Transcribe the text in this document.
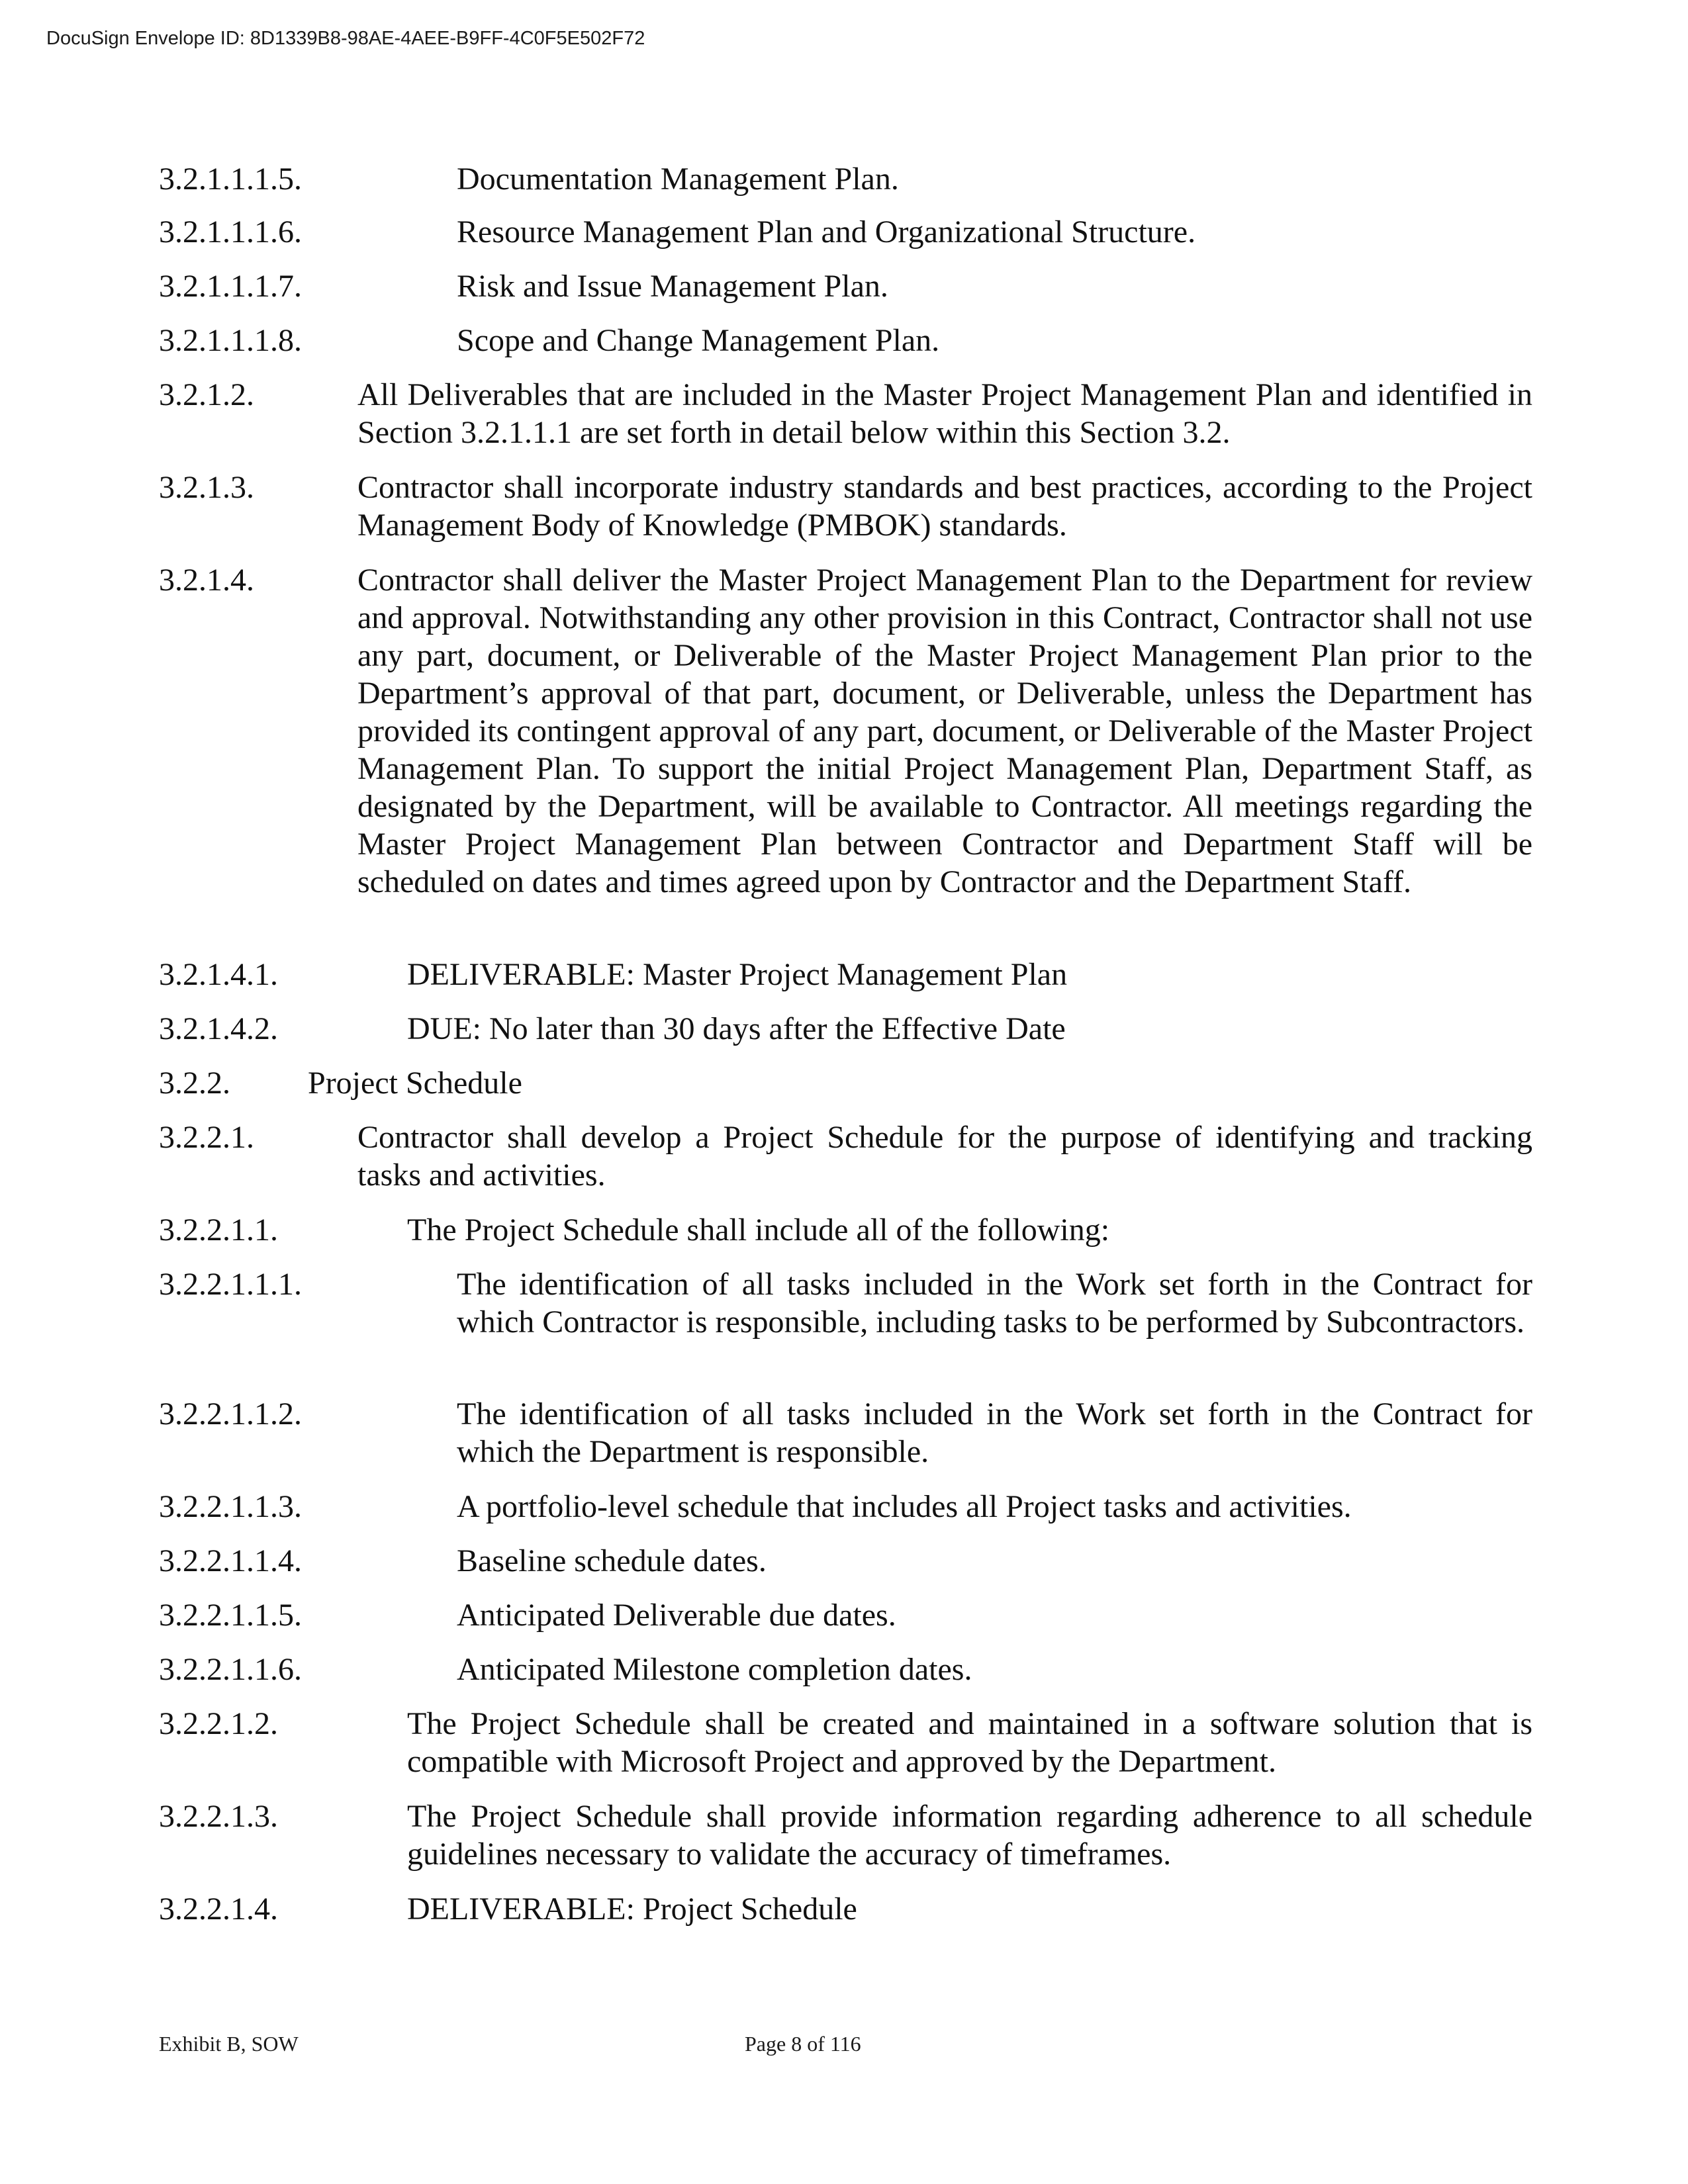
DocuSign Envelope ID: 8D1339B8-98AE-4AEE-B9FF-4C0F5E502F72
3.2.1.1.1.5.	Documentation Management Plan.
3.2.1.1.1.6.	Resource Management Plan and Organizational Structure.
3.2.1.1.1.7.	Risk and Issue Management Plan.
3.2.1.1.1.8.	Scope and Change Management Plan.
3.2.1.2.	All Deliverables that are included in the Master Project Management Plan and identified in Section 3.2.1.1.1 are set forth in detail below within this Section 3.2.
3.2.1.3.	Contractor shall incorporate industry standards and best practices, according to the Project Management Body of Knowledge (PMBOK) standards.
3.2.1.4.	Contractor shall deliver the Master Project Management Plan to the Department for review and approval. Notwithstanding any other provision in this Contract, Contractor shall not use any part, document, or Deliverable of the Master Project Management Plan prior to the Department’s approval of that part, document, or Deliverable, unless the Department has provided its contingent approval of any part, document, or Deliverable of the Master Project Management Plan. To support the initial Project Management Plan, Department Staff, as designated by the Department, will be available to Contractor. All meetings regarding the Master Project Management Plan between Contractor and Department Staff will be scheduled on dates and times agreed upon by Contractor and the Department Staff.
3.2.1.4.1.	DELIVERABLE: Master Project Management Plan
3.2.1.4.2.	DUE: No later than 30 days after the Effective Date
3.2.2. Project Schedule
3.2.2.1.	Contractor shall develop a Project Schedule for the purpose of identifying and tracking tasks and activities.
3.2.2.1.1.	The Project Schedule shall include all of the following:
3.2.2.1.1.1.	The identification of all tasks included in the Work set forth in the Contract for which Contractor is responsible, including tasks to be performed by Subcontractors.
3.2.2.1.1.2.	The identification of all tasks included in the Work set forth in the Contract for which the Department is responsible.
3.2.2.1.1.3.	A portfolio-level schedule that includes all Project tasks and activities.
3.2.2.1.1.4.	Baseline schedule dates.
3.2.2.1.1.5.	Anticipated Deliverable due dates.
3.2.2.1.1.6.	Anticipated Milestone completion dates.
3.2.2.1.2.	The Project Schedule shall be created and maintained in a software solution that is compatible with Microsoft Project and approved by the Department.
3.2.2.1.3.	The Project Schedule shall provide information regarding adherence to all schedule guidelines necessary to validate the accuracy of timeframes.
3.2.2.1.4.	DELIVERABLE: Project Schedule
Exhibit B, SOW	Page 8 of 116
